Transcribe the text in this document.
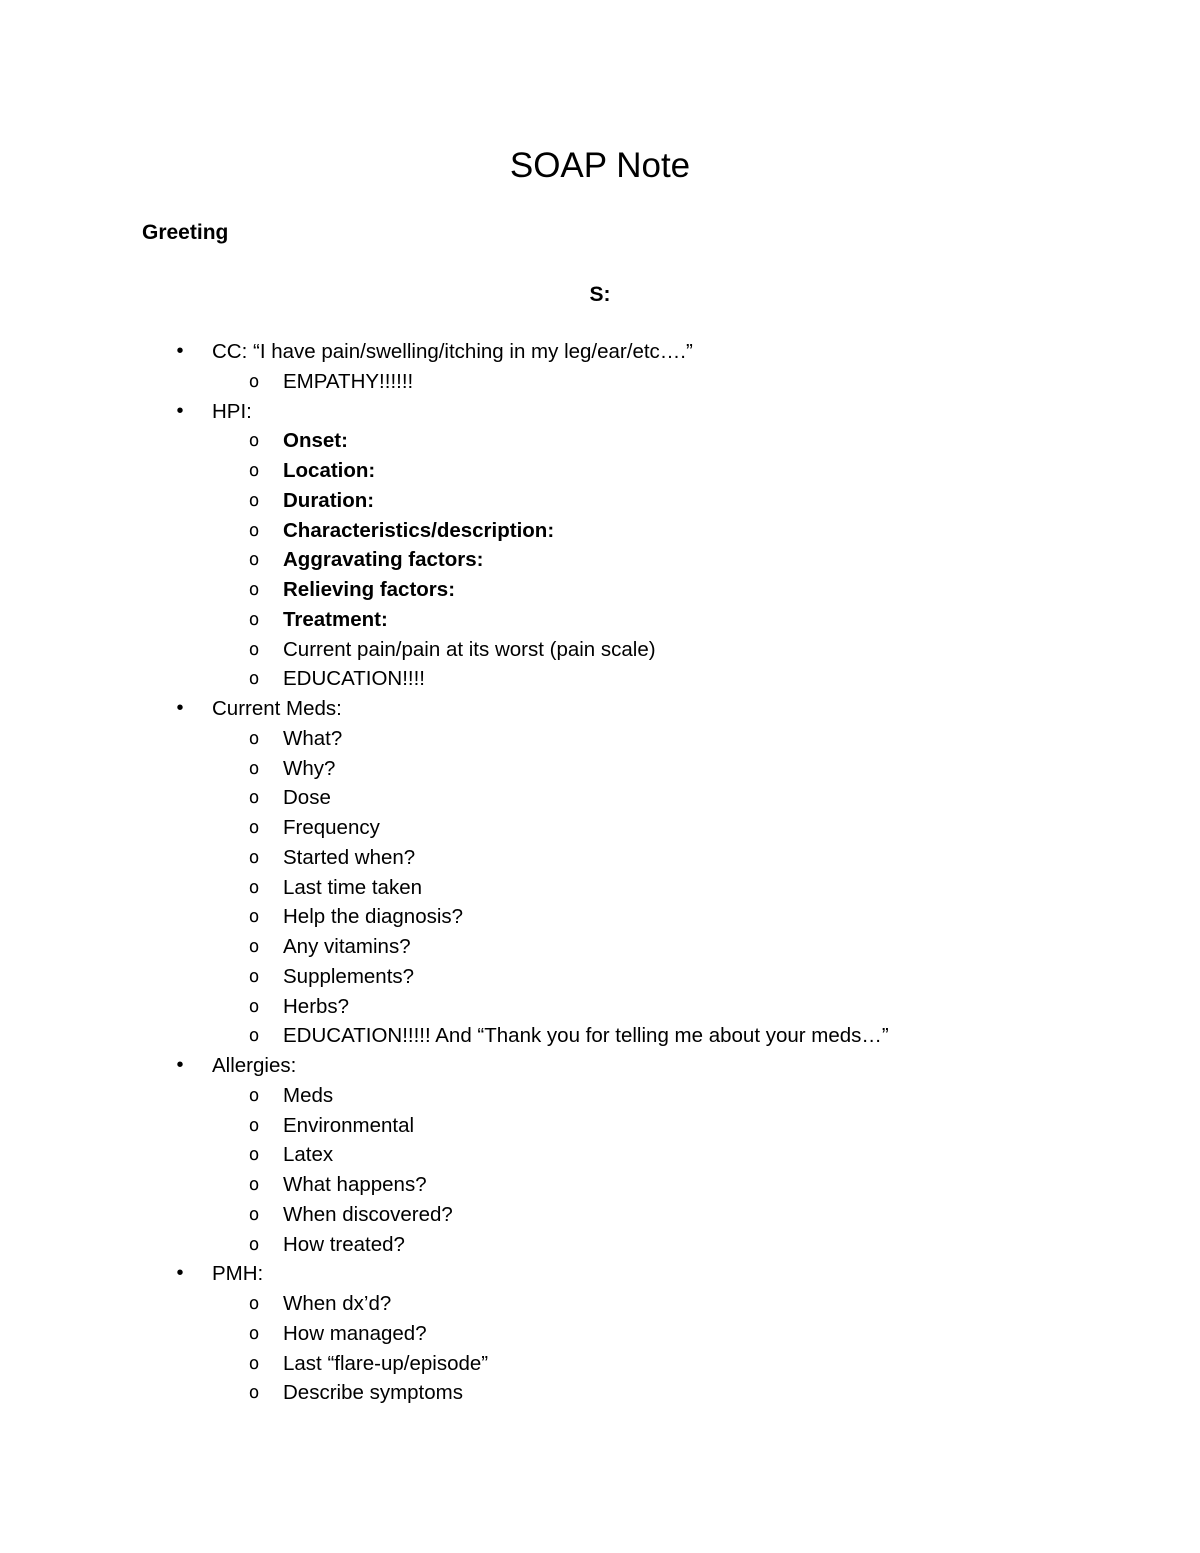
SOAP Note

Greeting

S:

• CC: “I have pain/swelling/itching in my leg/ear/etc….”
o EMPATHY!!!!!!
• HPI:
o Onset:
o Location:
o Duration:
o Characteristics/description:
o Aggravating factors:
o Relieving factors:
o Treatment:
o Current pain/pain at its worst (pain scale)
o EDUCATION!!!!
• Current Meds:
o What?
o Why?
o Dose
o Frequency
o Started when?
o Last time taken
o Help the diagnosis?
o Any vitamins?
o Supplements?
o Herbs?
o EDUCATION!!!!! And “Thank you for telling me about your meds…”
• Allergies:
o Meds
o Environmental
o Latex
o What happens?
o When discovered?
o How treated?
• PMH:
o When dx’d?
o How managed?
o Last “flare-up/episode”
o Describe symptoms
